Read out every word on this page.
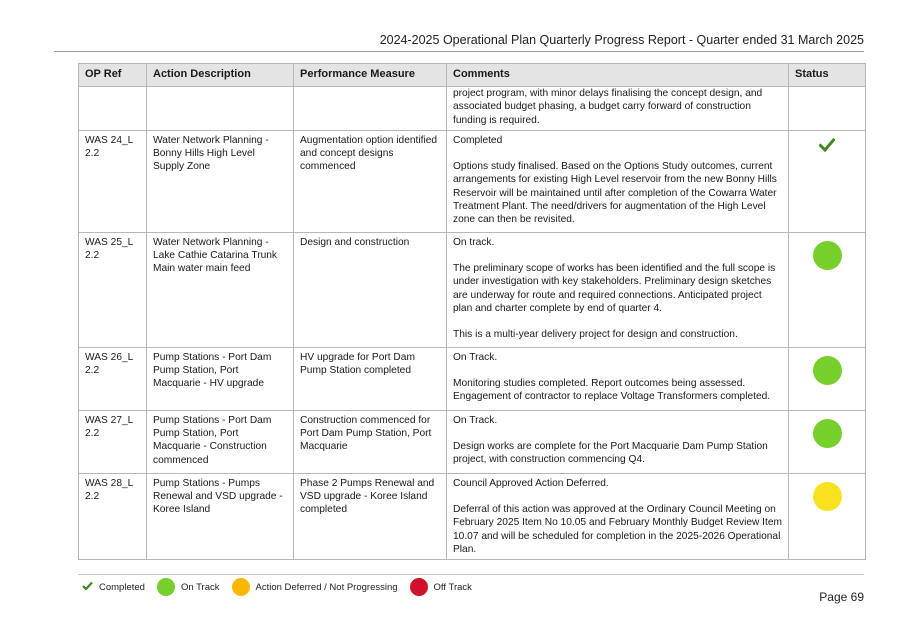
2024-2025 Operational Plan Quarterly Progress Report - Quarter ended 31 March 2025
OP Ref	Action Description	Performance Measure	Comments	Status

			project program, with minor delays finalising the concept design, and associated budget phasing, a budget carry forward of construction funding is required.	

WAS 24_L 2.2	Water Network Planning - Bonny Hills High Level Supply Zone	Augmentation option identified and concept designs commenced	Completed

Options study finalised. Based on the Options Study outcomes, current arrangements for existing High Level reservoir from the new Bonny Hills Reservoir will be maintained until after completion of the Cowarra Water Treatment Plant. The need/drivers for augmentation of the High Level zone can then be revisited.

WAS 25_L 2.2	Water Network Planning - Lake Cathie Catarina Trunk Main water main feed	Design and construction	On track.

The preliminary scope of works has been identified and the full scope is under investigation with key stakeholders. Preliminary design sketches are underway for route and required connections. Anticipated project plan and charter complete by end of quarter 4.

This is a multi-year delivery project for design and construction.	

WAS 26_L 2.2	Pump Stations - Port Dam Pump Station, Port Macquarie - HV upgrade	HV upgrade for Port Dam Pump Station completed	On Track.

Monitoring studies completed. Report outcomes being assessed. Engagement of contractor to replace Voltage Transformers completed.	

WAS 27_L 2.2	Pump Stations - Port Dam Pump Station, Port Macquarie - Construction commenced	Construction commenced for Port Dam Pump Station, Port Macquarie	On Track.

Design works are complete for the Port Macquarie Dam Pump Station project, with construction commencing Q4.	

WAS 28_L 2.2	Pump Stations - Pumps Renewal and VSD upgrade - Koree Island	Phase 2 Pumps Renewal and VSD upgrade - Koree Island completed	Council Approved Action Deferred.

Deferral of this action was approved at the Ordinary Council Meeting on February 2025 Item No 10.05 and February Monthly Budget Review Item 10.07 and will be scheduled for completion in the 2025-2026 Operational Plan.	

Completed	On Track	Action Deferred / Not Progressing	Off Track
Page 69
